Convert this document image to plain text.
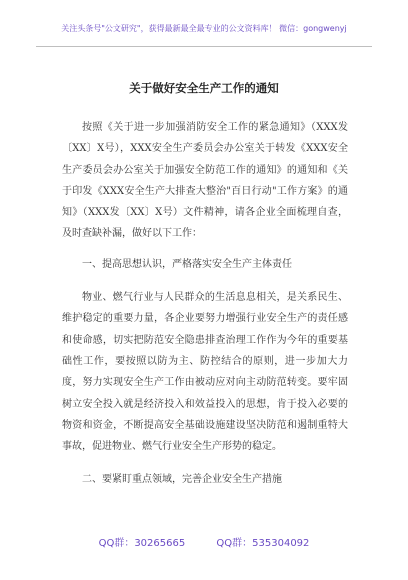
关注头条号"公文研究"，获得最新最全最专业的公文资料库！ 微信：gongwenyj
关于做好安全生产工作的通知

按照《关于进一步加强消防安全工作的紧急通知》（XXX发〔XX〕X号），XXX安全生产委员会办公室关于转发《XXX安全生产委员会办公室关于加强安全防范工作的通知》的通知和《关于印发《XXX安全生产大排查大整治"百日行动"工作方案》的通知》（XXX发〔XX〕X号）文件精神，请各企业全面梳理自查，及时查缺补漏，做好以下工作：

一、提高思想认识，严格落实安全生产主体责任

物业、燃气行业与人民群众的生活息息相关，是关系民生、维护稳定的重要力量，各企业要努力增强行业安全生产的责任感和使命感，切实把防范安全隐患排查治理工作作为今年的重要基础性工作，要按照以防为主、防控结合的原则，进一步加大力度，努力实现安全生产工作由被动应对向主动防范转变。要牢固树立安全投入就是经济投入和效益投入的思想，肯于投入必要的物资和资金，不断提高安全基础设施建设坚决防范和遏制重特大事故，促进物业、燃气行业安全生产形势的稳定。

二、要紧盯重点领域，完善企业安全生产措施

QQ群：30265665	QQ群：535304092
